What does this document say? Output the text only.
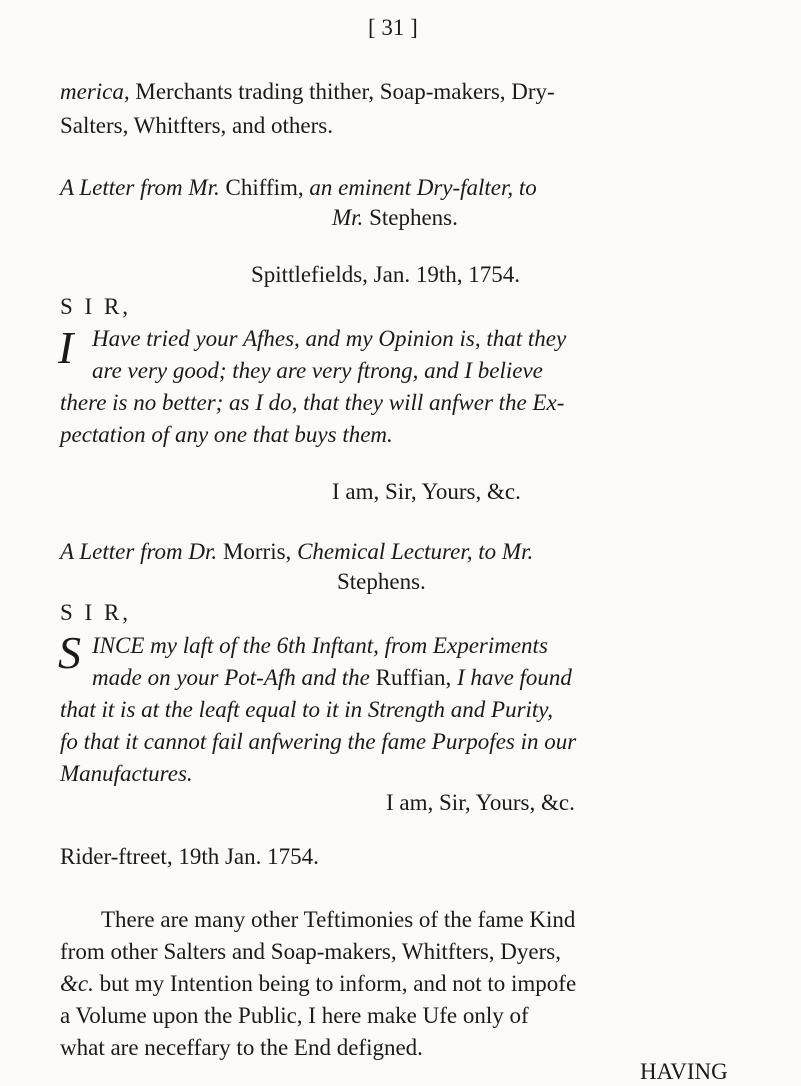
[ 31 ]
merica, Merchants trading thither, Soap-makers, Dry-
Salters, Whitfters, and others.
A Letter from Mr. Chiffim, an eminent Dry-falter, to
Mr. Stephens.
Spittlefields, Jan. 19th, 1754.
S I R,
I Have tried your Afhes, and my Opinion is, that they
are very good; they are very ftrong, and I believe
there is no better; as I do, that they will anfwer the Ex-
pectation of any one that buys them.
I am, Sir, Yours, &c.
A Letter from Dr. Morris, Chemical Lecturer, to Mr.
Stephens.
S I R,
S INCE my laft of the 6th Inftant, from Experiments
made on your Pot-Afh and the Ruffian, I have found
that it is at the leaft equal to it in Strength and Purity,
fo that it cannot fail anfwering the fame Purpofes in our
Manufactures.
I am, Sir, Yours, &c.
Rider-ftreet, 19th Jan. 1754.
There are many other Teftimonies of the fame Kind
from other Salters and Soap-makers, Whitfters, Dyers,
&c. but my Intention being to inform, and not to impofe
a Volume upon the Public, I here make Ufe only of
what are neceffary to the End defigned.
HAVING
